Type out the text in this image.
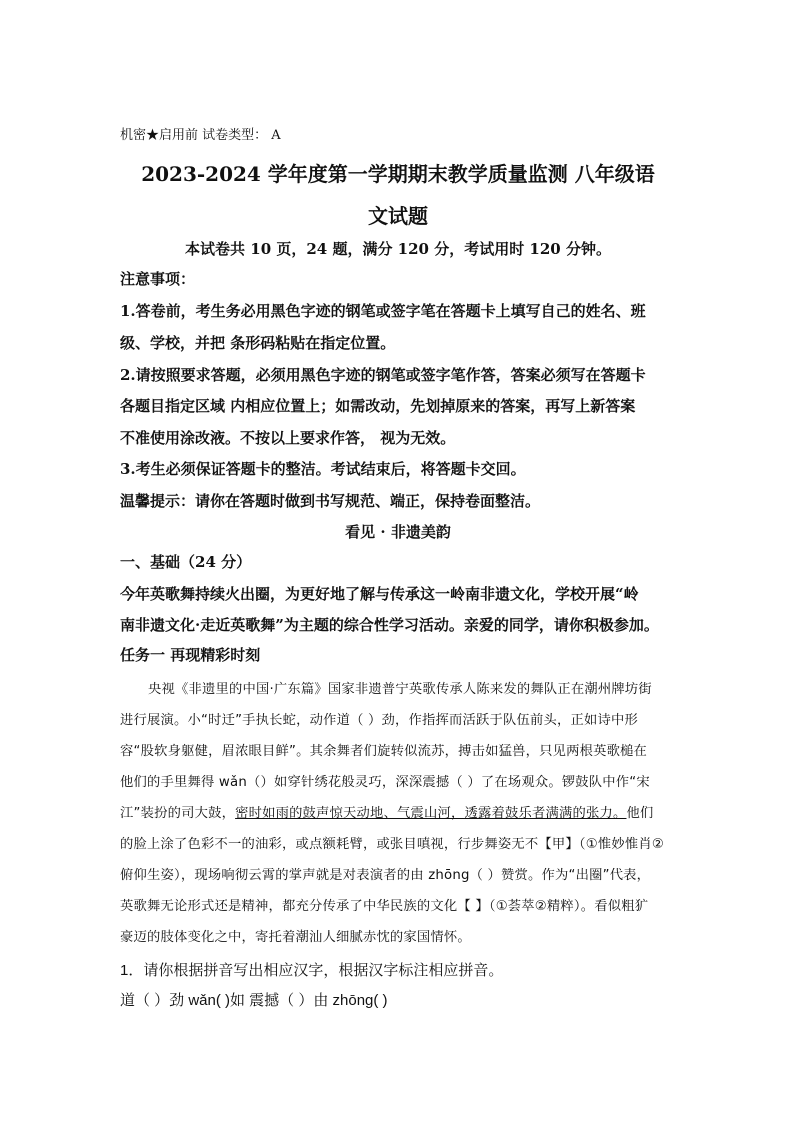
机密★启用前 试卷类型： A
2023-2024 学年度第一学期期末教学质量监测 八年级语
文试题
本试卷共 10 页，24 题，满分 120 分，考试用时 120 分钟。
注意事项：
1.答卷前，考生务必用黑色字迹的钢笔或签字笔在答题卡上填写自己的姓名、班
级、学校，并把 条形码粘贴在指定位置。
2.请按照要求答题，必须用黑色字迹的钢笔或签字笔作答，答案必须写在答题卡
各题目指定区域 内相应位置上；如需改动，先划掉原来的答案，再写上新答案
不准使用涂改液。不按以上要求作答， 视为无效。
3.考生必须保证答题卡的整洁。考试结束后，将答题卡交回。
温馨提示：请你在答题时做到书写规范、端正，保持卷面整洁。
看见 · 非遗美韵
一、基础（24 分）
今年英歌舞持续火出圈，为更好地了解与传承这一岭南非遗文化，学校开展“岭
南非遗文化·走近英歌舞”为主题的综合性学习活动。亲爱的同学，请你积极参加。
任务一 再现精彩时刻
央视《非遗里的中国·广东篇》国家非遗普宁英歌传承人陈来发的舞队正在潮州牌坊街
进行展演。小“时迁”手执长蛇，动作道（ ）劲，作指挥而活跃于队伍前头，正如诗中形
容“股软身躯健，眉浓眼目鲜”。其余舞者们旋转似流苏，搏击如猛兽，只见两根英歌槌在
他们的手里舞得 wǎn（）如穿针绣花般灵巧，深深震撼（ ）了在场观众。锣鼓队中作“宋
江”装扮的司大鼓，密时如雨的鼓声惊天动地、气震山河，透露着鼓乐者满满的张力。他们
的脸上涂了色彩不一的油彩，或点额耗臂，或张目嗔视，行步舞姿无不【甲】（①惟妙惟肖②
俯仰生姿），现场响彻云霄的掌声就是对表演者的由 zhōng（ ）赞赏。作为“出圈”代表，
英歌舞无论形式还是精神，都充分传承了中华民族的文化【 】（①荟萃②精粹）。看似粗犷
豪迈的肢体变化之中，寄托着潮汕人细腻赤忱的家国情怀。
1．请你根据拼音写出相应汉字，根据汉字标注相应拼音。
道（ ）劲 wǎn( )如 震撼（ ）由 zhōng( )
